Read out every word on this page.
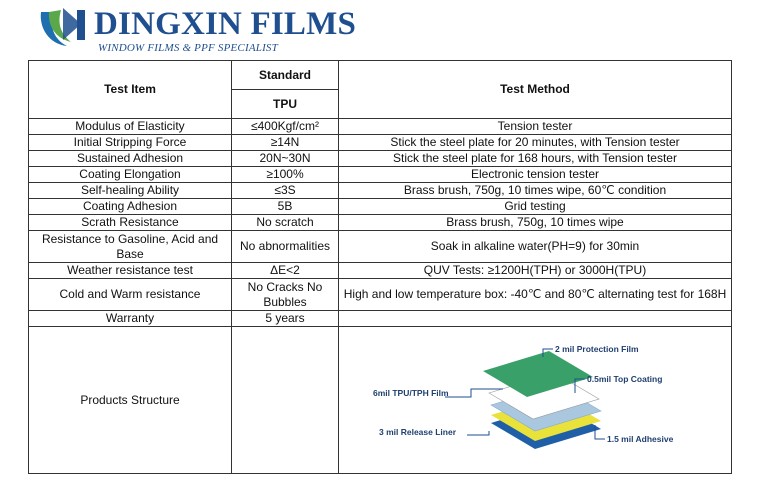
DINGXIN FILMS
WINDOW FILMS & PPF SPECIALIST
Test Item	Standard	Test Method
	TPU	
Modulus of Elasticity	≤400Kgf/cm²	Tension tester
Initial Stripping Force	≥14N	Stick the steel plate for 20 minutes, with Tension tester
Sustained Adhesion	20N~30N	Stick the steel plate for 168 hours, with Tension tester
Coating Elongation	≥100%	Electronic tension tester
Self-healing Ability	≤3S	Brass brush, 750g, 10 times wipe, 60℃ condition
Coating Adhesion	5B	Grid testing
Scrath Resistance	No scratch	Brass brush, 750g, 10 times wipe
Resistance to Gasoline, Acid and Base	No abnormalities	Soak in alkaline water(PH=9) for 30min
Weather resistance test	ΔE<2	QUV Tests: ≥1200H(TPH) or 3000H(TPU)
Cold and Warm resistance	No Cracks No Bubbles	High and low temperature box: -40℃ and 80℃ alternating test for 168H
Warranty	5 years	
Products Structure		2 mil Protection Film
0.5mil Top Coating
6mil TPU/TPH Film
3 mil Release Liner
1.5 mil Adhesive
